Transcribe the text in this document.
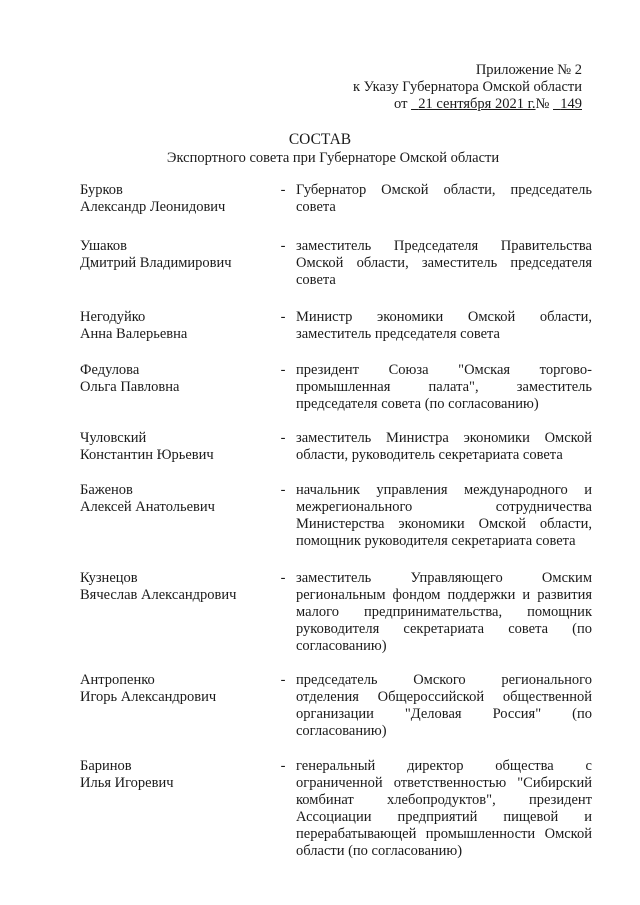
Приложение № 2
к Указу Губернатора Омской области
от 21 сентября 2021 г.№ 149
СОСТАВ
Экспортного совета при Губернаторе Омской области
Бурков
Александр Леонидович
- Губернатор Омской области, председатель совета
Ушаков
Дмитрий Владимирович
- заместитель Председателя Правительства Омской области, заместитель председателя совета
Негодуйко
Анна Валерьевна
- Министр экономики Омской области, заместитель председателя совета
Федулова
Ольга Павловна
- президент Союза "Омская торгово-промышленная палата", заместитель председателя совета (по согласованию)
Чуловский
Константин Юрьевич
- заместитель Министра экономики Омской области, руководитель секретариата совета
Баженов
Алексей Анатольевич
- начальник управления международного и межрегионального сотрудничества Министерства экономики Омской области, помощник руководителя секретариата совета
Кузнецов
Вячеслав Александрович
- заместитель Управляющего Омским региональным фондом поддержки и развития малого предпринимательства, помощник руководителя секретариата совета (по согласованию)
Антропенко
Игорь Александрович
- председатель Омского регионального отделения Общероссийской общественной организации "Деловая Россия" (по согласованию)
Баринов
Илья Игоревич
- генеральный директор общества с ограниченной ответственностью "Сибирский комбинат хлебопродуктов", президент Ассоциации предприятий пищевой и перерабатывающей промышленности Омской области (по согласованию)
